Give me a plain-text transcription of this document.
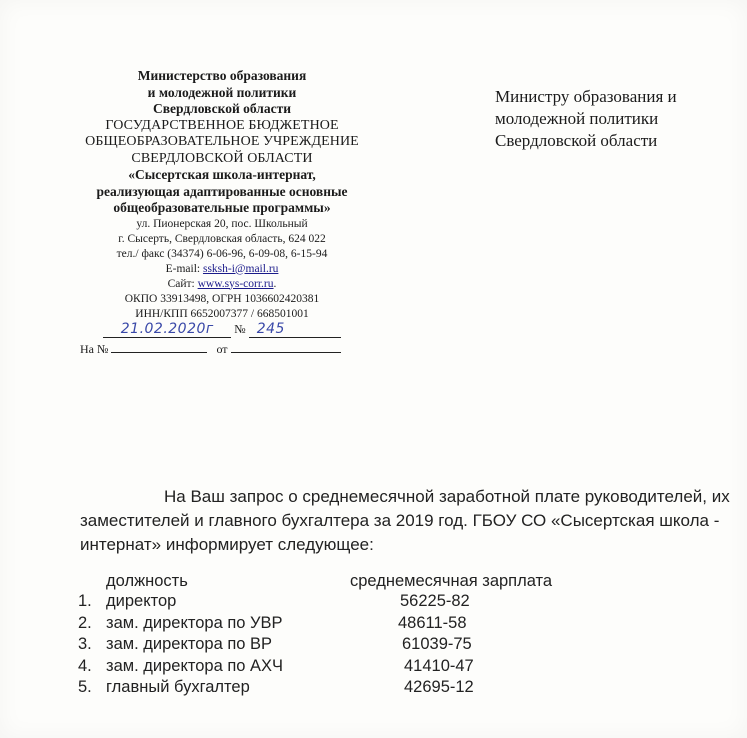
Министерство образования
и молодежной политики
Свердловской области
ГОСУДАРСТВЕННОЕ БЮДЖЕТНОЕ
ОБЩЕОБРАЗОВАТЕЛЬНОЕ УЧРЕЖДЕНИЕ
СВЕРДЛОВСКОЙ ОБЛАСТИ
«Сысертская школа-интернат,
реализующая адаптированные основные
общеобразовательные программы»
ул. Пионерская 20, пос. Школьный
г. Сысерть, Свердловская область, 624 022
тел./ факс (34374) 6-06-96, 6-09-08, 6-15-94
E-mail: ssksh-i@mail.ru
Сайт: www.sys-corr.ru.
ОКПО 33913498, ОГРН 1036602420381
ИНН/КПП 6652007377 / 668501001
21.02.2020г № 245
На №	от
Министру образования и
молодежной политики
Свердловской области
На Ваш запрос о среднемесячной заработной плате руководителей, их заместителей и главного бухгалтера за 2019 год. ГБОУ СО «Сысертская школа - интернат» информирует следующее:
должность	среднемесячная зарплата
1. директор	56225-82
2. зам. директора по УВР	48611-58
3. зам. директора по ВР	61039-75
4. зам. директора по АХЧ	41410-47
5. главный бухгалтер	42695-12
